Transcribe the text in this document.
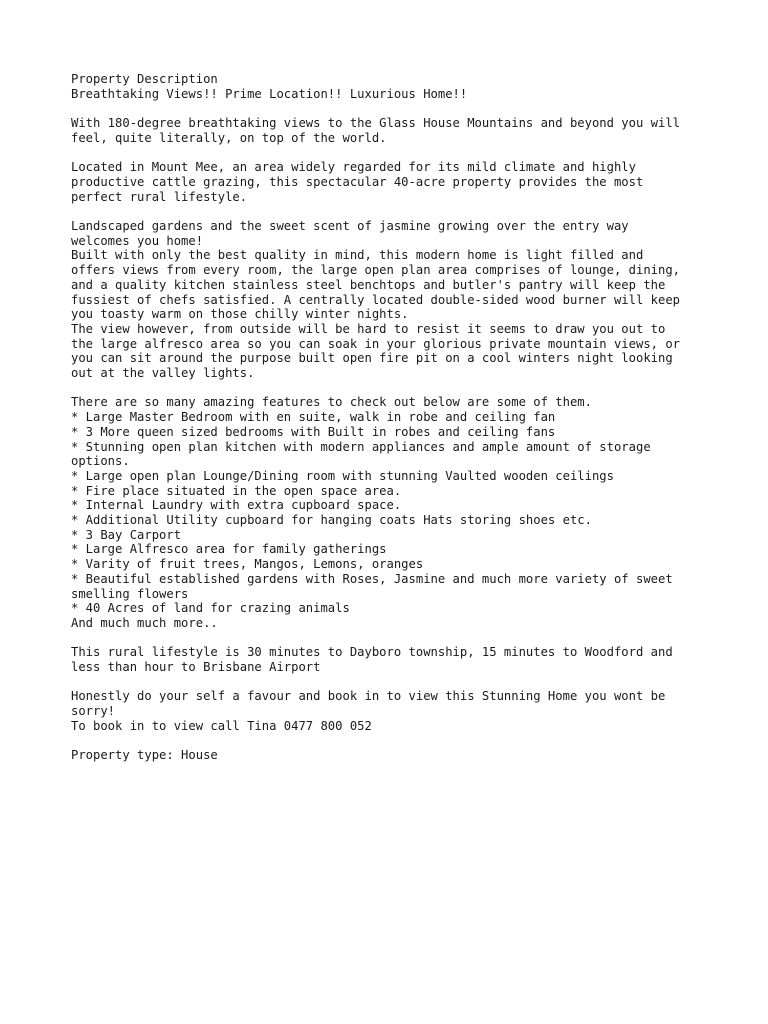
Property Description
Breathtaking Views!! Prime Location!! Luxurious Home!!
With 180-degree breathtaking views to the Glass House Mountains and beyond you will
feel, quite literally, on top of the world.
Located in Mount Mee, an area widely regarded for its mild climate and highly
productive cattle grazing, this spectacular 40-acre property provides the most
perfect rural lifestyle.
Landscaped gardens and the sweet scent of jasmine growing over the entry way
welcomes you home!
Built with only the best quality in mind, this modern home is light filled and
offers views from every room, the large open plan area comprises of lounge, dining,
and a quality kitchen stainless steel benchtops and butler's pantry will keep the
fussiest of chefs satisfied. A centrally located double-sided wood burner will keep
you toasty warm on those chilly winter nights.
The view however, from outside will be hard to resist it seems to draw you out to
the large alfresco area so you can soak in your glorious private mountain views, or
you can sit around the purpose built open fire pit on a cool winters night looking
out at the valley lights.
There are so many amazing features to check out below are some of them.
* Large Master Bedroom with en suite, walk in robe and ceiling fan
* 3 More queen sized bedrooms with Built in robes and ceiling fans
* Stunning open plan kitchen with modern appliances and ample amount of storage
options.
* Large open plan Lounge/Dining room with stunning Vaulted wooden ceilings
* Fire place situated in the open space area.
* Internal Laundry with extra cupboard space.
* Additional Utility cupboard for hanging coats Hats storing shoes etc.
* 3 Bay Carport
* Large Alfresco area for family gatherings
* Varity of fruit trees, Mangos, Lemons, oranges
* Beautiful established gardens with Roses, Jasmine and much more variety of sweet
smelling flowers
* 40 Acres of land for crazing animals
And much much more..
This rural lifestyle is 30 minutes to Dayboro township, 15 minutes to Woodford and
less than hour to Brisbane Airport
Honestly do your self a favour and book in to view this Stunning Home you wont be
sorry!
To book in to view call Tina 0477 800 052
Property type: House
